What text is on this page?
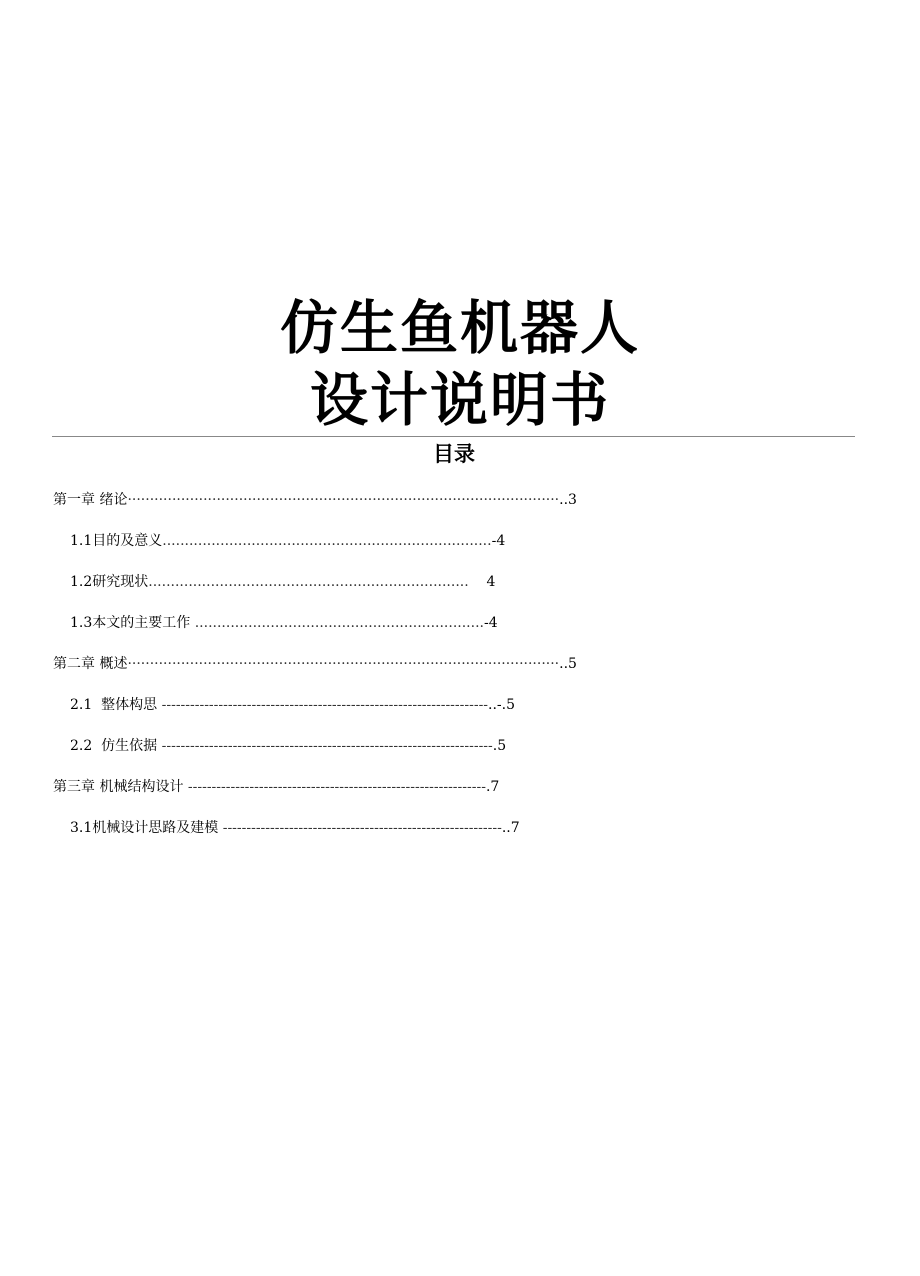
仿生鱼机器人
设计说明书
目录
第一章 绪论·································································································..3
1.1目的及意义..........................................................................-4
1.2研究现状........................................................................    4
1.3本文的主要工作 .................................................................-4
第二章 概述·································································································..5
2.1  整体构思 ---------------------------------------------------------------------..-.5
2.2  仿生依据 ----------------------------------------------------------------------.5
第三章 机械结构设计 ---------------------------------------------------------------.7
3.1机械设计思路及建模 -----------------------------------------------------------..7
